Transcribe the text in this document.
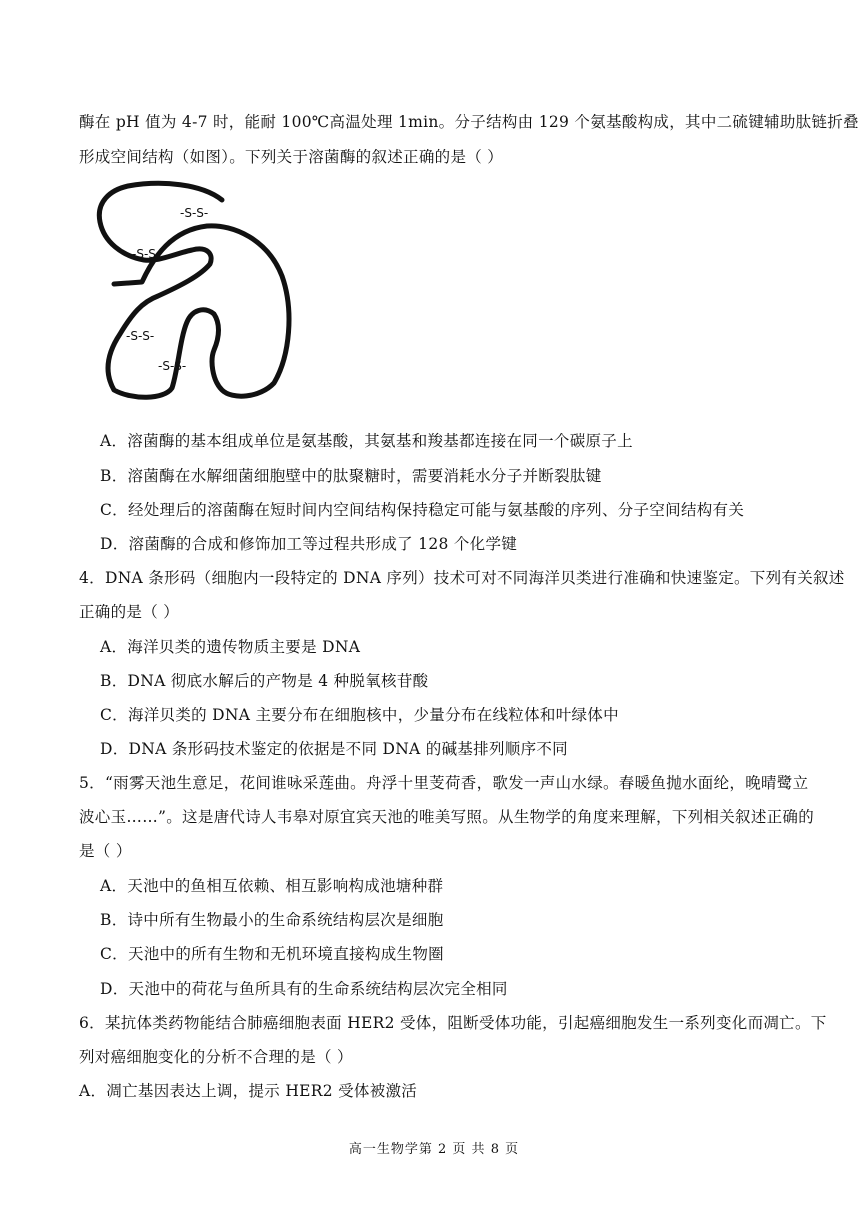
酶在 pH 值为 4-7 时，能耐 100℃高温处理 1min。分子结构由 129 个氨基酸构成，其中二硫键辅助肽链折叠
形成空间结构（如图）。下列关于溶菌酶的叙述正确的是（ ）
-S-S-
-S-S-
-S-S-
-S-S-
A．溶菌酶的基本组成单位是氨基酸，其氨基和羧基都连接在同一个碳原子上
B．溶菌酶在水解细菌细胞壁中的肽聚糖时，需要消耗水分子并断裂肽键
C．经处理后的溶菌酶在短时间内空间结构保持稳定可能与氨基酸的序列、分子空间结构有关
D．溶菌酶的合成和修饰加工等过程共形成了 128 个化学键
4．DNA 条形码（细胞内一段特定的 DNA 序列）技术可对不同海洋贝类进行准确和快速鉴定。下列有关叙述
正确的是（ ）
A．海洋贝类的遗传物质主要是 DNA
B．DNA 彻底水解后的产物是 4 种脱氧核苷酸
C．海洋贝类的 DNA 主要分布在细胞核中，少量分布在线粒体和叶绿体中
D．DNA 条形码技术鉴定的依据是不同 DNA 的碱基排列顺序不同
5．“雨雾天池生意足，花间谁咏采莲曲。舟浮十里芰荷香，歌发一声山水绿。春暖鱼抛水面纶，晚晴鹭立
波心玉……”。这是唐代诗人韦皋对原宜宾天池的唯美写照。从生物学的角度来理解，下列相关叙述正确的
是（ ）
A．天池中的鱼相互依赖、相互影响构成池塘种群
B．诗中所有生物最小的生命系统结构层次是细胞
C．天池中的所有生物和无机环境直接构成生物圈
D．天池中的荷花与鱼所具有的生命系统结构层次完全相同
6．某抗体类药物能结合肺癌细胞表面 HER2 受体，阻断受体功能，引起癌细胞发生一系列变化而凋亡。下
列对癌细胞变化的分析不合理的是（ ）
A．凋亡基因表达上调，提示 HER2 受体被激活
高一生物学第 2 页 共 8 页
